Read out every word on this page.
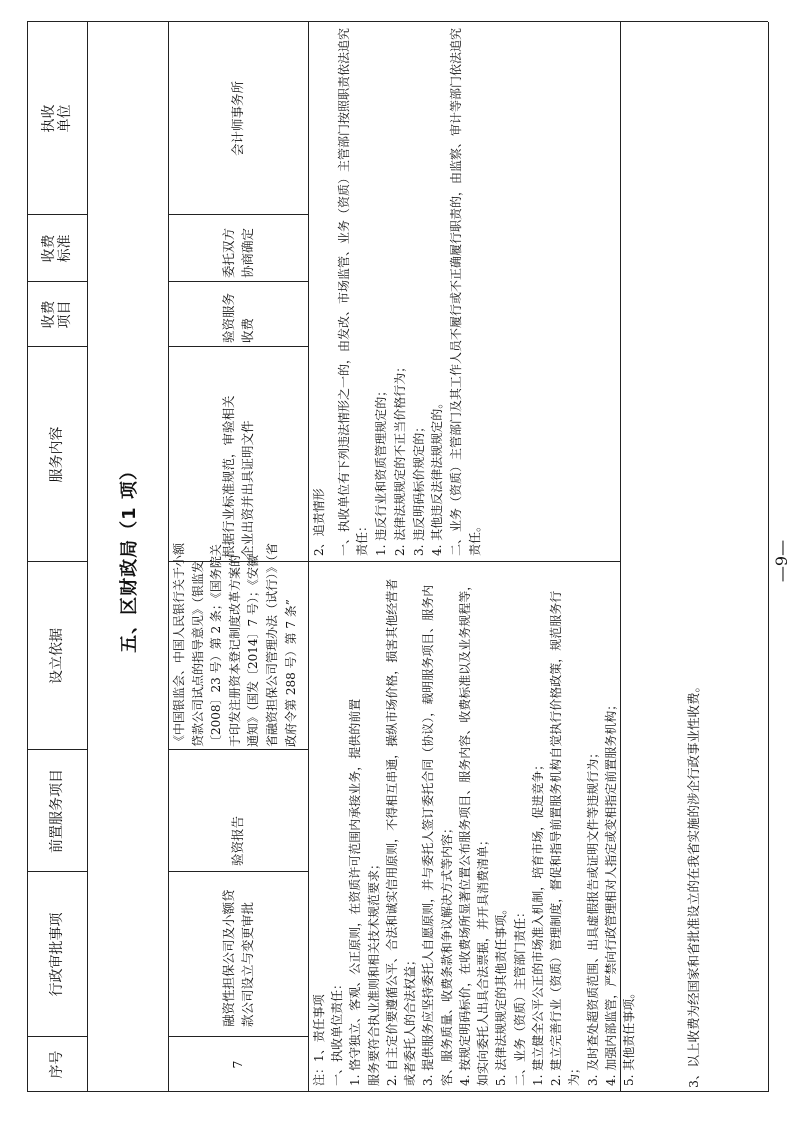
序号
行政审批事项
前置服务项目
设立依据
服务内容
收费
项目
收费
标准
执收
单位
五、区财政局（1 项）
7
融资性担保公司及小额贷款公司设立与变更审批
验资报告
《中国银监会、中国人民银行关于小额 贷款公司试点的指导意见》（银监发 〔2008〕23 号）第 2 条；《国务院关 于印发注册资本登记制度改革方案的 通知》（国发〔2014〕7 号）；《安徽 省融资担保公司管理办法（试行）》（省 政府令第 288 号）第 7 条”
根据行业标准规范，审验相关 企业出资并出具证明文件
验资服务收费
委托双方协商确定
会计师事务所
注：1、责任事项 一、执收单位责任： 1. 恪守独立、客观、公正原则，在资质许可范围内承接业务，提供的前置 服务要符合执业准则和相关技术规范要求； 2. 自主定价要遵循公平、合法和诚实信用原则，不得相互串通，操纵市场价格，损害其他经营者或者委托人的合法权益； 3. 提供服务应坚持委托人自愿原则，并与委托人签订委托合同（协议），载明服务项目、服务内容、服务质量、收费条款和争议解决方式等内容； 4. 按规定明码标价，在收费场所显著位置公布服务项目、服务内容、收费标准以及业务规程等，如实向委托人出具合法票据，并开具消费清单； 5. 法律法规规定的其他责任事项。 二、业务（资质）主管部门责任： 1. 建立健全公平公正的市场准入机制，培育市场，促进竞争； 2. 建立完善行业（资质）管理制度，督促和指导前置服务机构自觉执行价格政策，规范服务行为； 3. 及时查处超资质范围、出具虚假报告或证明文件等违规行为； 4. 加强内部监管，严禁向行政管理相对人指定或变相指定前置服务机构； 5. 其他责任事项。
2、追责情形 一、执收单位有下列违法情形之一的，由发改、市场监管、业务（资质）主管部门按照职责依法追究责任： 1. 违反行业和资质管理规定的； 2. 法律法规规定的不正当价格行为； 3. 违反明码标价规定的； 4. 其他违反法律法规规定的。 二、业务（资质）主管部门及其工作人员不履行或不正确履行职责的，由监察、审计等部门依法追究责任。
3、以上收费为经国家和省批准设立的在我省实施的涉企行政事业性收费。
—9—
